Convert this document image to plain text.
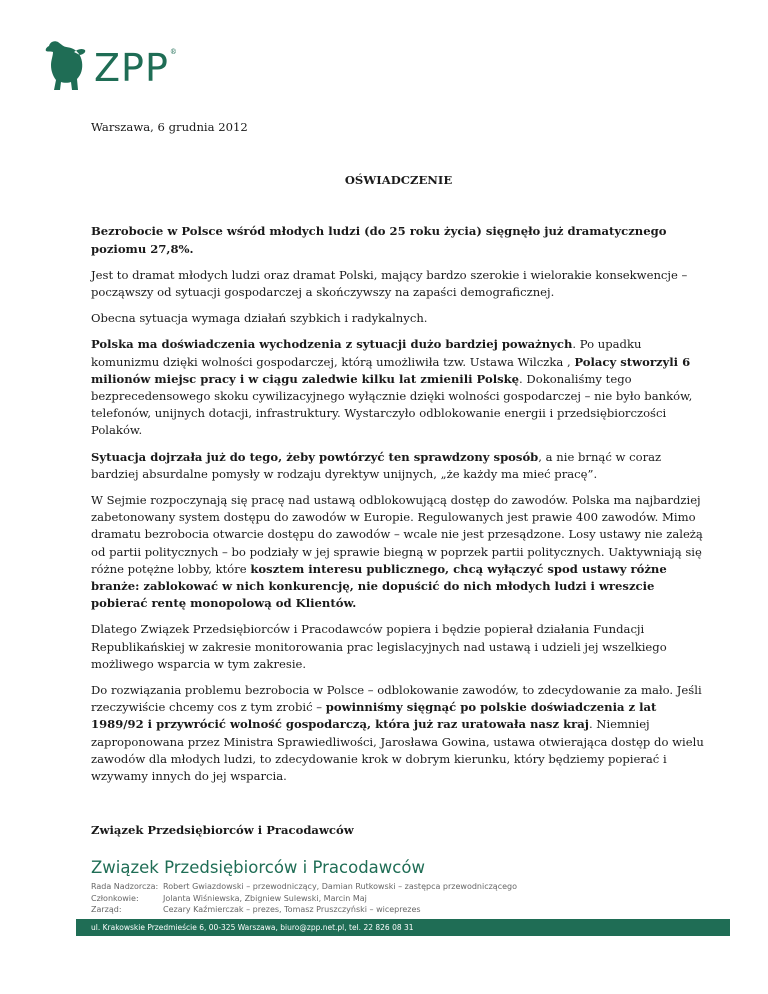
ZPP ®

Warszawa, 6 grudnia 2012

OŚWIADCZENIE

Bezrobocie w Polsce wśród młodych ludzi (do 25 roku życia) sięgnęło już dramatycznego poziomu 27,8%.

Jest to dramat młodych ludzi oraz dramat Polski, mający bardzo szerokie i wielorakie konsekwencje – począwszy od sytuacji gospodarczej a skończywszy na zapaści demograficznej.

Obecna sytuacja wymaga działań szybkich i radykalnych.

Polska ma doświadczenia wychodzenia z sytuacji dużo bardziej poważnych. Po upadku komunizmu dzięki wolności gospodarczej, którą umożliwiła tzw. Ustawa Wilczka , Polacy stworzyli 6 milionów miejsc pracy i w ciągu zaledwie kilku lat zmienili Polskę. Dokonaliśmy tego bezprecedensowego skoku cywilizacyjnego wyłącznie dzięki wolności gospodarczej – nie było banków, telefonów, unijnych dotacji, infrastruktury. Wystarczyło odblokowanie energii i przedsiębiorczości Polaków.

Sytuacja dojrzała już do tego, żeby powtórzyć ten sprawdzony sposób, a nie brnąć w coraz bardziej absurdalne pomysły w rodzaju dyrektyw unijnych, „że każdy ma mieć pracę”.

W Sejmie rozpoczynają się pracę nad ustawą odblokowującą dostęp do zawodów. Polska ma najbardziej zabetonowany system dostępu do zawodów w Europie. Regulowanych jest prawie 400 zawodów. Mimo dramatu bezrobocia otwarcie dostępu do zawodów – wcale nie jest przesądzone. Losy ustawy nie zależą od partii politycznych – bo podziały w jej sprawie biegną w poprzek partii politycznych. Uaktywniają się różne potężne lobby, które kosztem interesu publicznego, chcą wyłączyć spod ustawy różne branże: zablokować w nich konkurencję, nie dopuścić do nich młodych ludzi i wreszcie pobierać rentę monopolową od Klientów.

Dlatego Związek Przedsiębiorców i Pracodawców popiera i będzie popierał działania Fundacji Republikańskiej w zakresie monitorowania prac legislacyjnych nad ustawą i udzieli jej wszelkiego możliwego wsparcia w tym zakresie.

Do rozwiązania problemu bezrobocia w Polsce – odblokowanie zawodów, to zdecydowanie za mało. Jeśli rzeczywiście chcemy cos z tym zrobić – powinniśmy sięgnąć po polskie doświadczenia z lat 1989/92 i przywrócić wolność gospodarczą, która już raz uratowała nasz kraj. Niemniej zaproponowana przez Ministra Sprawiedliwości, Jarosława Gowina, ustawa otwierająca dostęp do wielu zawodów dla młodych ludzi, to zdecydowanie krok w dobrym kierunku, który będziemy popierać i wzywamy innych do jej wsparcia.

Związek Przedsiębiorców i Pracodawców

Związek Przedsiębiorców i Pracodawców

Rada Nadzorcza: Robert Gwiazdowski – przewodniczący, Damian Rutkowski – zastępca przewodniczącego
Członkowie:	Jolanta Wiśniewska, Zbigniew Sulewski, Marcin Maj
Zarząd:	Cezary Kaźmierczak – prezes, Tomasz Pruszczyński – wiceprezes
ul. Krakowskie Przedmieście 6, 00-325 Warszawa, biuro@zpp.net.pl, tel. 22 826 08 31
